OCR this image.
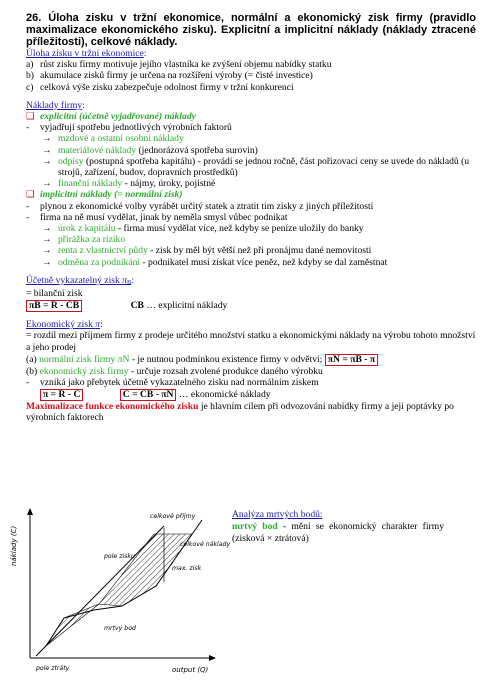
26. Úloha zisku v tržní ekonomice, normální a ekonomický zisk firmy (pravidlo maximalizace ekonomického zisku). Explicitní a implicitní náklady (náklady ztracené příležitosti), celkové náklady.
Úloha zisku v tržní ekonomice:
a) růst zisku firmy motivuje jejího vlastníka ke zvýšení objemu nabídky statku
b) akumulace zisků firmy je určena na rozšíření výroby (= čisté investice)
c) celková výše zisku zabezpečuje odolnost firmy v tržní konkurenci
Náklady firmy:
❑ explicitní (účetně vyjadřované) náklady
- vyjadřují spotřebu jednotlivých výrobních faktorů
→ mzdové a ostatní osobní náklady
→ materiálové náklady (jednorázová spotřeba surovin)
→ odpisy (postupná spotřeba kapitálu) - provádí se jednou ročně, část pořizovací ceny se uvede do nákladů (u strojů, zařízení, budov, dopravních prostředků)
→ finanční náklady - nájmy, úroky, pojistné
❑ implicitní náklady (= normální zisk)
- plynou z ekonomické volby vyrábět určitý statek a ztratit tím zisky z jiných příležitostí
- firma na ně musí vydělat, jinak by neměla smysl vůbec podnikat
→ úrok z kapitálu - firma musí vydělat více, než kdyby se peníze uložily do banky
→ přirážka za riziko
→ renta z vlastnictví půdy - zisk by měl být větší než při pronájmu dané nemovitosti
→ odměna za podnikání - podnikatel musí získat více peněz, než kdyby se dal zaměstnat
Účetně vykazatelný zisk πB:
= bilanční zisk
πB = R - CB	CB … explicitní náklady
Ekonomický zisk π:
= rozdíl mezi příjmem firmy z prodeje určitého množství statku a ekonomickými náklady na výrobu tohoto množství a jeho prodej
(a) normální zisk firmy πN - je nutnou podmínkou existence firmy v odvětví; πN = πB - π
(b) ekonomický zisk firmy - určuje rozsah zvolené produkce daného výrobku
- vzniká jako přebytek účetně vykazatelného zisku nad normálním ziskem
π = R - C	C = CB - πN … ekonomické náklady
Maximalizace funkce ekonomického zisku je hlavním cílem při odvozování nabídky firmy a její poptávky po výrobních faktorech
náklady (C)
output (Q)
celkové příjmy
celkové náklady
pole zisku
max. zisk
mrtvý bod
pole ztráty
Analýza mrtvých bodů:
mrtvý bod - mění se ekonomický charakter firmy (zisková × ztrátová)
